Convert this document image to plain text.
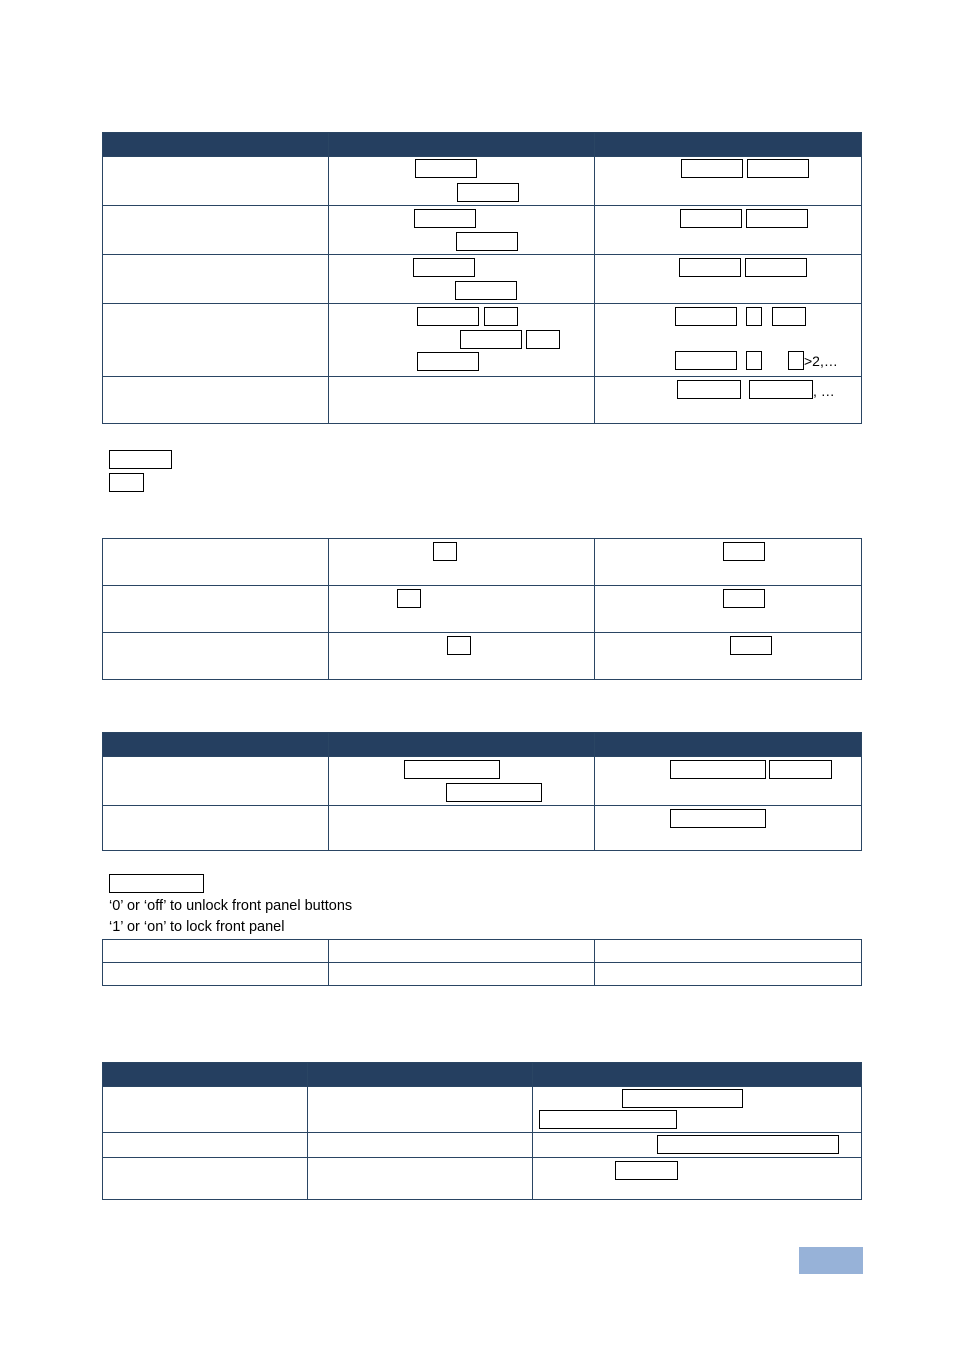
		>2,…

		, …

‘0’ or ‘off’ to unlock front panel buttons
‘1’ or ‘on’ to lock front panel
